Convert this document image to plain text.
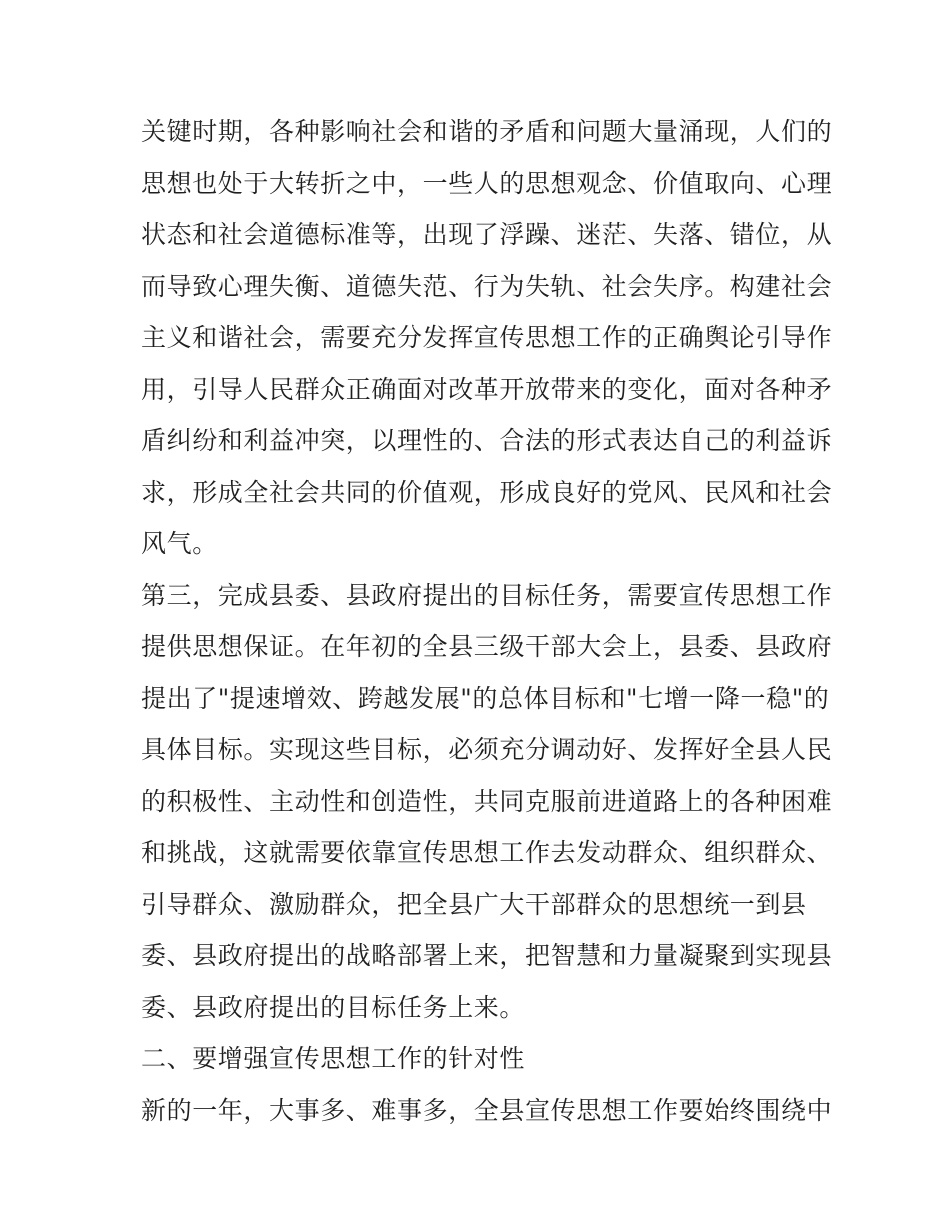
关键时期，各种影响社会和谐的矛盾和问题大量涌现，人们的
思想也处于大转折之中，一些人的思想观念、价值取向、心理
状态和社会道德标准等，出现了浮躁、迷茫、失落、错位，从
而导致心理失衡、道德失范、行为失轨、社会失序。构建社会
主义和谐社会，需要充分发挥宣传思想工作的正确舆论引导作
用，引导人民群众正确面对改革开放带来的变化，面对各种矛
盾纠纷和利益冲突，以理性的、合法的形式表达自己的利益诉
求，形成全社会共同的价值观，形成良好的党风、民风和社会
风气。
第三，完成县委、县政府提出的目标任务，需要宣传思想工作
提供思想保证。在年初的全县三级干部大会上，县委、县政府
提出了"提速增效、跨越发展"的总体目标和"七增一降一稳"的
具体目标。实现这些目标，必须充分调动好、发挥好全县人民
的积极性、主动性和创造性，共同克服前进道路上的各种困难
和挑战，这就需要依靠宣传思想工作去发动群众、组织群众、
引导群众、激励群众，把全县广大干部群众的思想统一到县
委、县政府提出的战略部署上来，把智慧和力量凝聚到实现县
委、县政府提出的目标任务上来。
二、要增强宣传思想工作的针对性
新的一年，大事多、难事多，全县宣传思想工作要始终围绕中
